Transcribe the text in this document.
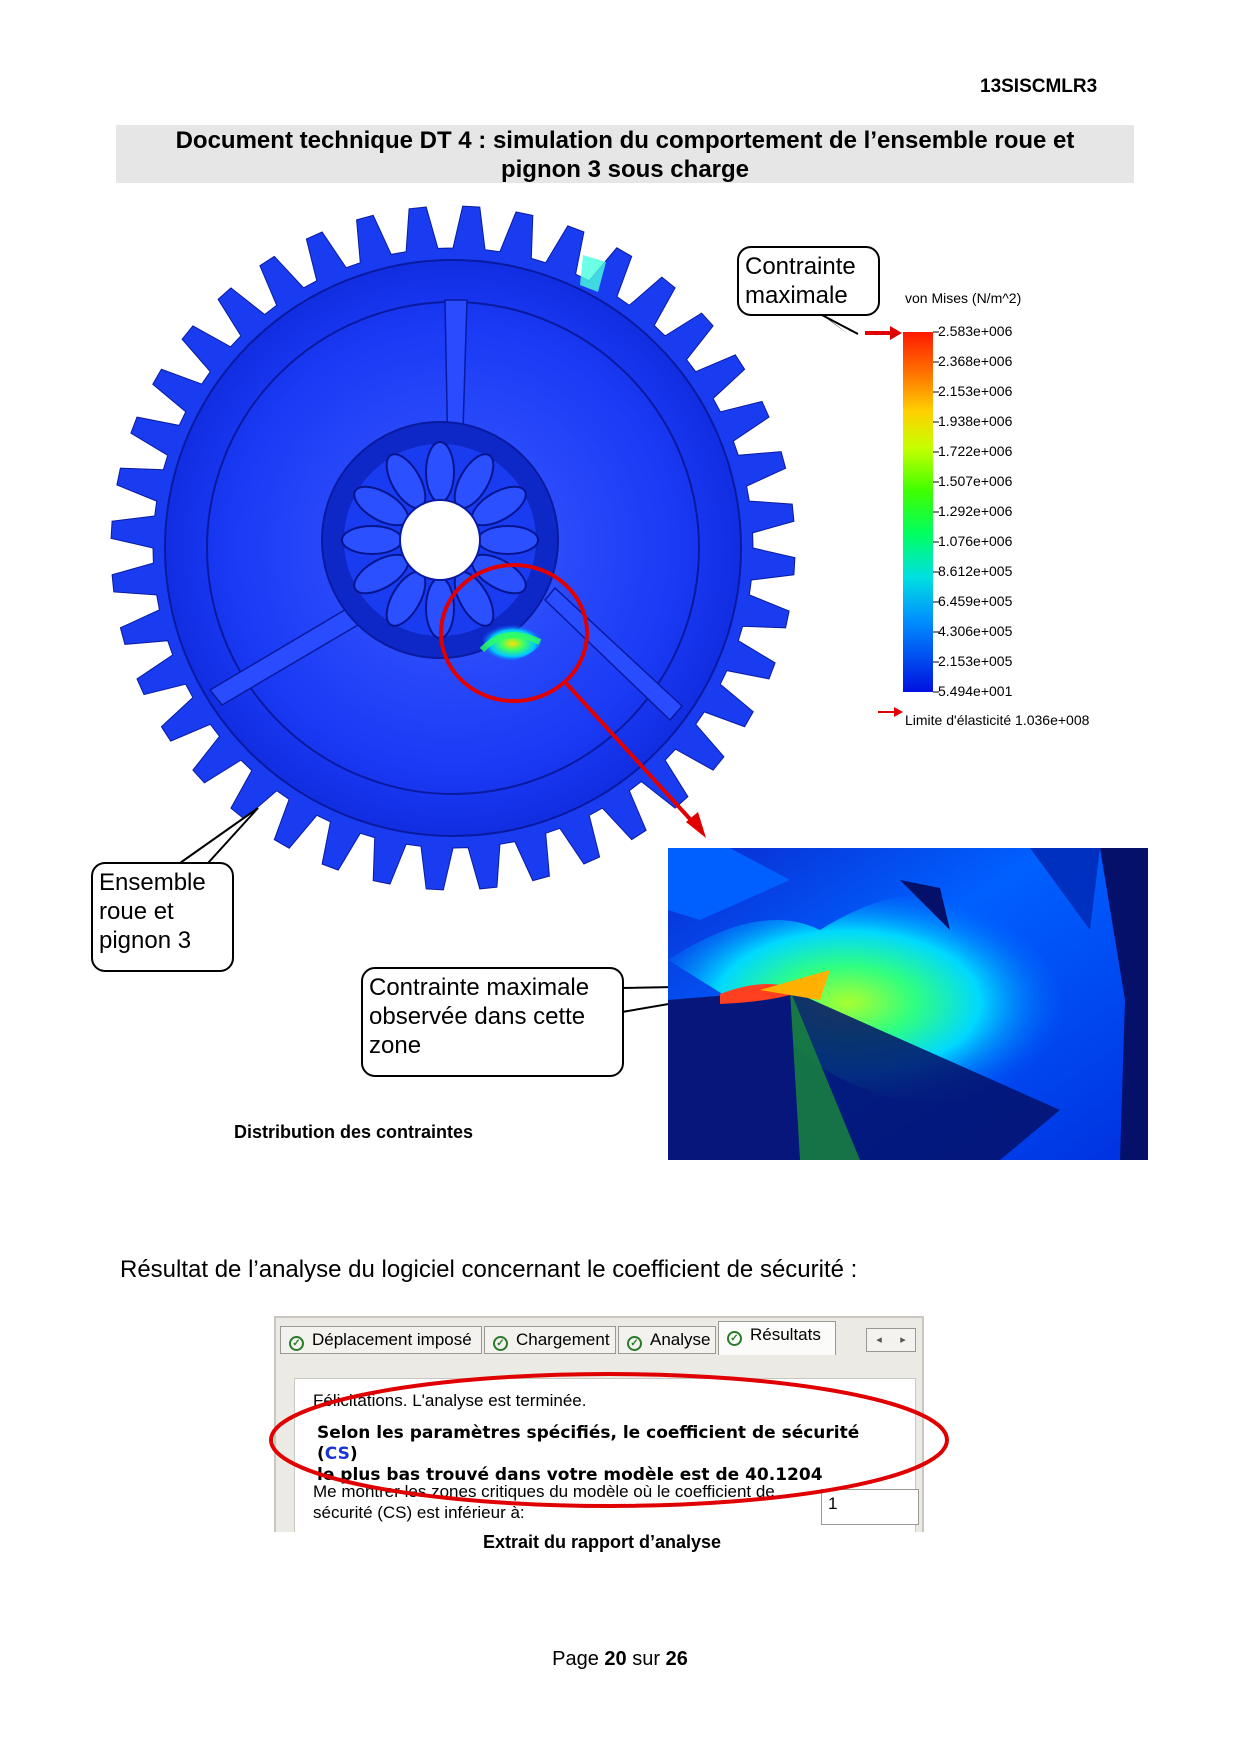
13SISCMLR3
Document technique DT 4 : simulation du comportement de l’ensemble roue et
pignon 3 sous charge
von Mises (N/m^2)
2.583e+006
2.368e+006
2.153e+006
1.938e+006
1.722e+006
1.507e+006
1.292e+006
1.076e+006
8.612e+005
6.459e+005
4.306e+005
2.153e+005
5.494e+001
Limite d'élasticité 1.036e+008
Contrainte maximale
Ensemble roue et pignon 3
Contrainte maximale observée dans cette zone
Distribution des contraintes
Résultat de l’analyse du logiciel concernant le coefficient de sécurité :
✓ Déplacement imposé	✓ Chargement	✓ Analyse	✓ Résultats	◂ ▸
Félicitations. L'analyse est terminée.
Selon les paramètres spécifiés, le coefficient de sécurité (CS)
le plus bas trouvé dans votre modèle est de 40.1204
Me montrer les zones critiques du modèle où le coefficient de sécurité (CS) est inférieur à:	1
Extrait du rapport d’analyse
Page 20 sur 26
